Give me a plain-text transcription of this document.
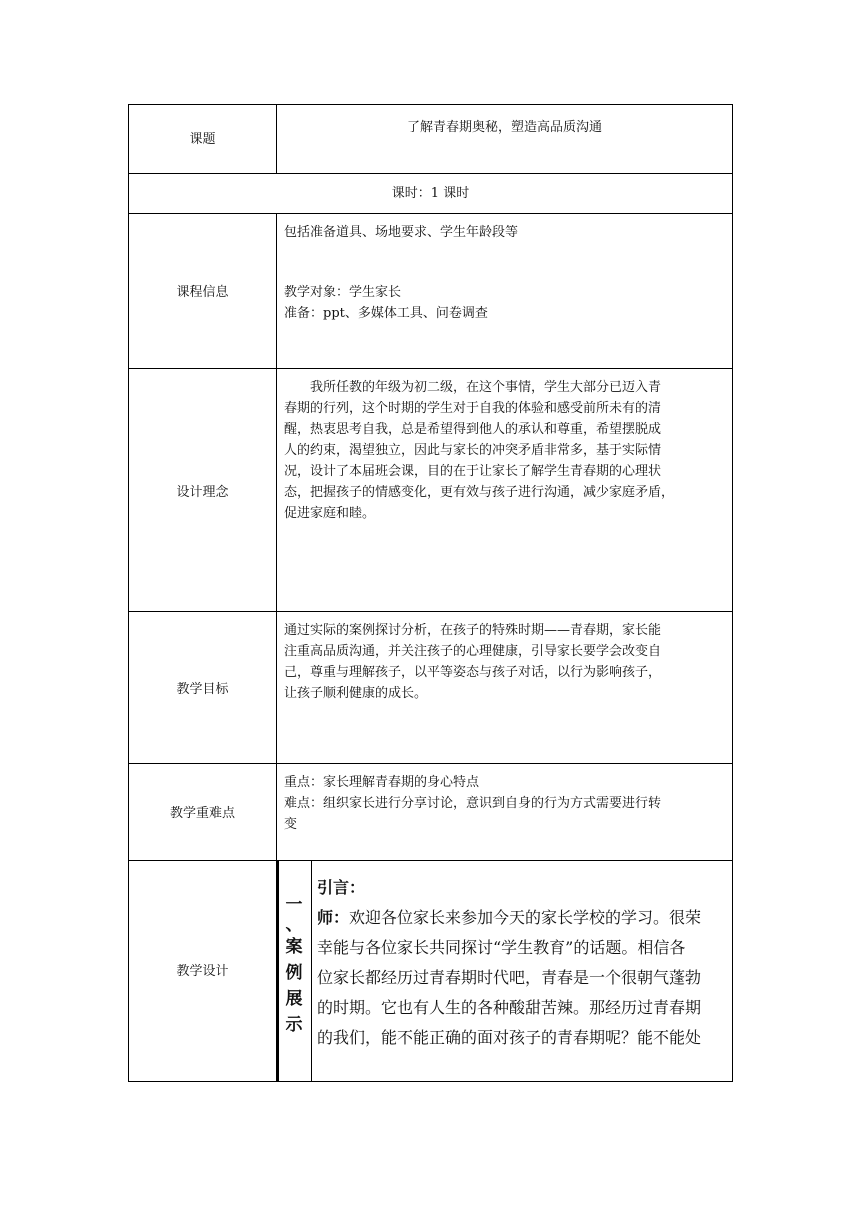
课题
了解青春期奥秘，塑造高品质沟通
课时：1 课时
课程信息

包括准备道具、场地要求、学生年龄段等

教学对象：学生家长

准备：ppt、多媒体工具、问卷调查

设计理念

我所任教的年级为初二级，在这个事情，学生大部分已迈入青

春期的行列，这个时期的学生对于自我的体验和感受前所未有的清

醒，热衷思考自我，总是希望得到他人的承认和尊重，希望摆脱成

人的约束，渴望独立，因此与家长的冲突矛盾非常多，基于实际情

况，设计了本届班会课，目的在于让家长了解学生青春期的心理状

态，把握孩子的情感变化，更有效与孩子进行沟通，减少家庭矛盾，

促进家庭和睦。

教学目标

通过实际的案例探讨分析，在孩子的特殊时期——青春期，家长能

注重高品质沟通，并关注孩子的心理健康，引导家长要学会改变自

己，尊重与理解孩子，以平等姿态与孩子对话，以行为影响孩子，

让孩子顺利健康的成长。

教学重难点

重点：家长理解青春期的身心特点

难点：组织家长进行分享讨论，意识到自身的行为方式需要进行转

变

教学设计
一
、
案
例
展
示

引言：

师：欢迎各位家长来参加今天的家长学校的学习。很荣

幸能与各位家长共同探讨“学生教育”的话题。相信各

位家长都经历过青春期时代吧，青春是一个很朝气蓬勃

的时期。它也有人生的各种酸甜苦辣。那经历过青春期

的我们，能不能正确的面对孩子的青春期呢？能不能处
